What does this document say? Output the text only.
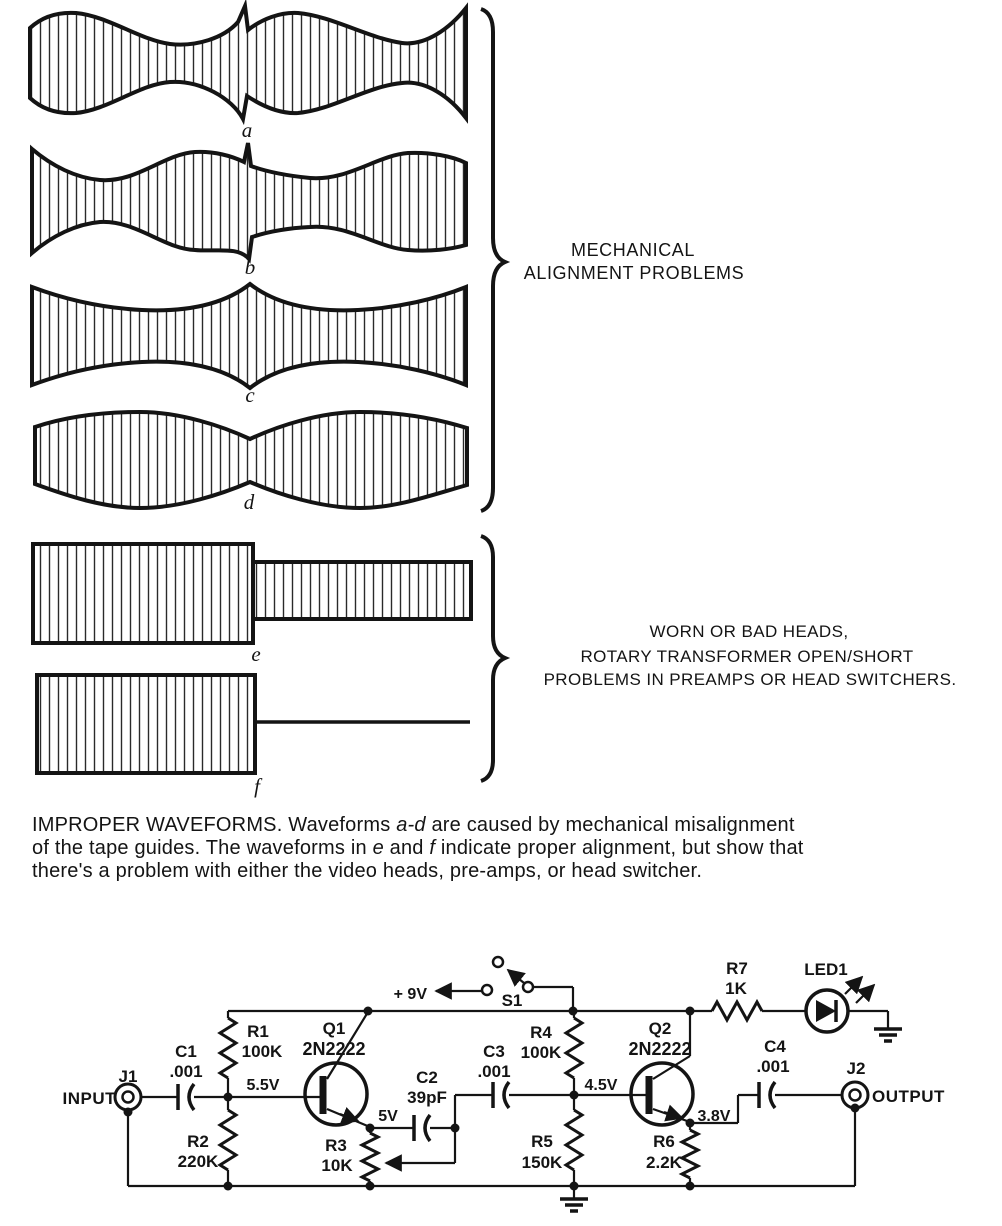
a
b
c
d
e
f
MECHANICAL
ALIGNMENT PROBLEMS
WORN OR BAD HEADS,
ROTARY TRANSFORMER OPEN/SHORT
PROBLEMS IN PREAMPS OR HEAD SWITCHERS.
IMPROPER WAVEFORMS. Waveforms a-d are caused by mechanical misalignment
of the tape guides. The waveforms in e and f indicate proper alignment, but show that
there's a problem with either the video heads, pre-amps, or head switcher.
J1
C1
.001
R1
100K
R2
220K
5.5V
Q1
2N2222
R3
10K
5V
C2
39pF
C3
.001
R4
100K
4.5V
R5
150K
Q2
2N2222
R6
2.2K
3.8V
C4
.001	J2
R7
1K
LED1
S1
INPUT	OUTPUT
+ 9V
